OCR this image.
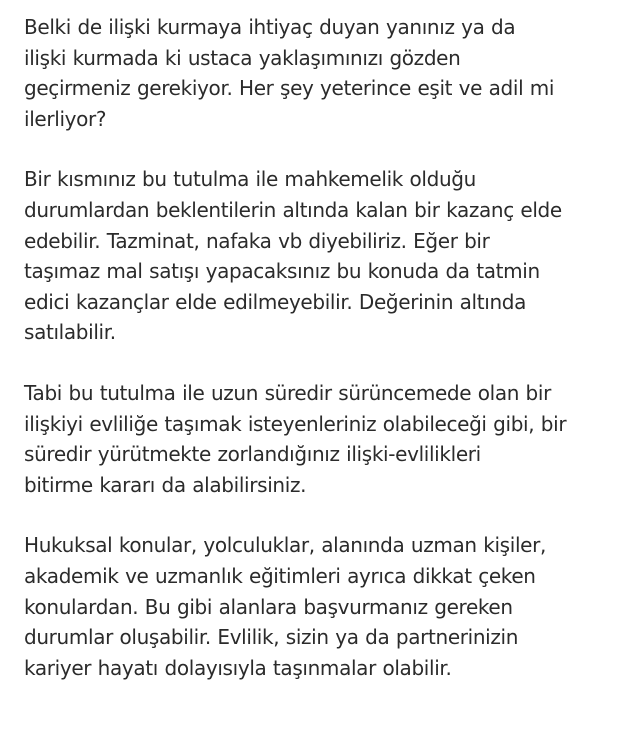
Belki de ilişki kurmaya ihtiyaç duyan yanınız ya da
ilişki kurmada ki ustaca yaklaşımınızı gözden
geçirmeniz gerekiyor. Her şey yeterince eşit ve adil mi
ilerliyor?

Bir kısmınız bu tutulma ile mahkemelik olduğu
durumlardan beklentilerin altında kalan bir kazanç elde
edebilir. Tazminat, nafaka vb diyebiliriz. Eğer bir
taşımaz mal satışı yapacaksınız bu konuda da tatmin
edici kazançlar elde edilmeyebilir. Değerinin altında
satılabilir.

Tabi bu tutulma ile uzun süredir sürüncemede olan bir
ilişkiyi evliliğe taşımak isteyenleriniz olabileceği gibi, bir
süredir yürütmekte zorlandığınız ilişki-evlilikleri
bitirme kararı da alabilirsiniz.

Hukuksal konular, yolculuklar, alanında uzman kişiler,
akademik ve uzmanlık eğitimleri ayrıca dikkat çeken
konulardan. Bu gibi alanlara başvurmanız gereken
durumlar oluşabilir. Evlilik, sizin ya da partnerinizin
kariyer hayatı dolayısıyla taşınmalar olabilir.
